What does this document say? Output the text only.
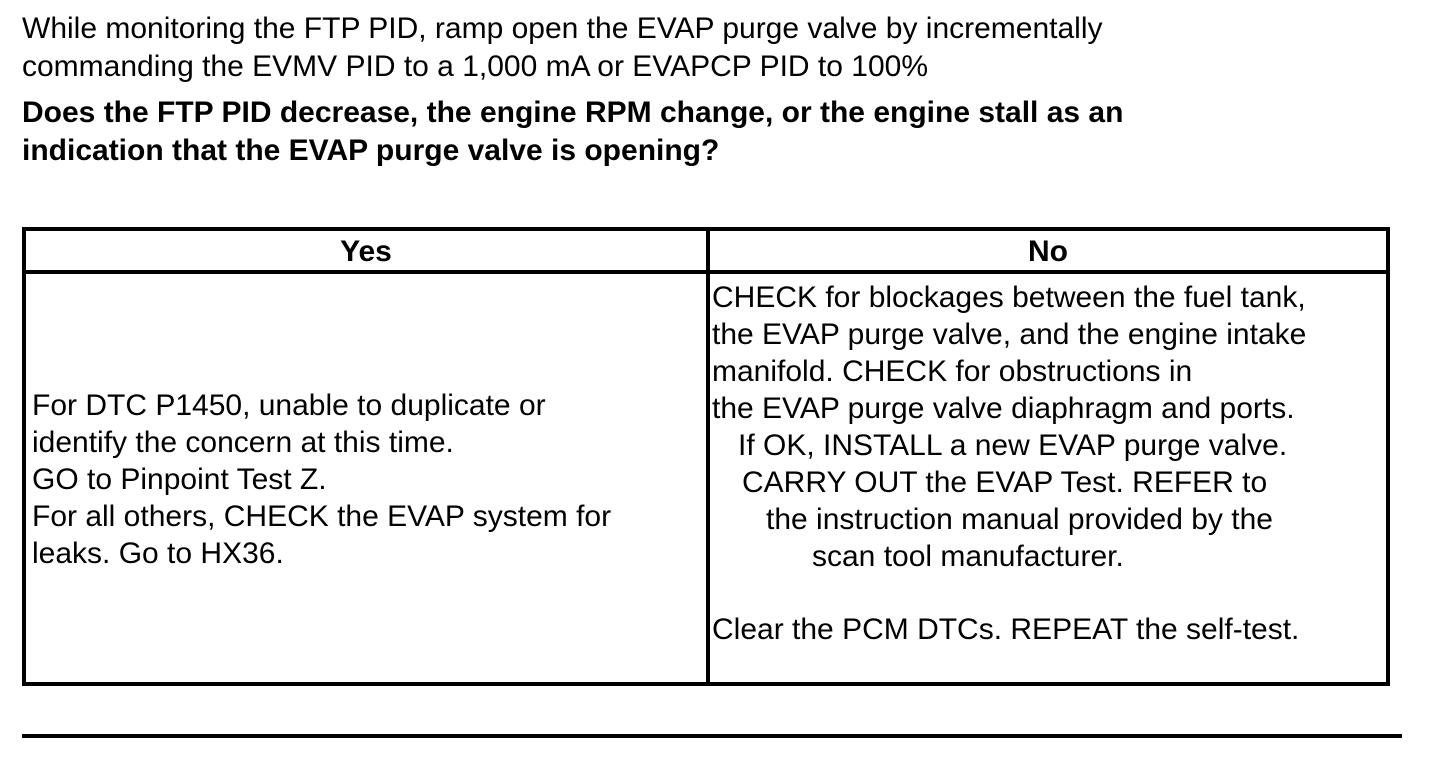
While monitoring the FTP PID, ramp open the EVAP purge valve by incrementally
commanding the EVMV PID to a 1,000 mA or EVAPCP PID to 100%
Does the FTP PID decrease, the engine RPM change, or the engine stall as an
indication that the EVAP purge valve is opening?
Yes	No
For DTC P1450, unable to duplicate or
identify the concern at this time.
GO to Pinpoint Test Z.
For all others, CHECK the EVAP system for
leaks. Go to HX36.
CHECK for blockages between the fuel tank,
the EVAP purge valve, and the engine intake
manifold. CHECK for obstructions in
the EVAP purge valve diaphragm and ports.
If OK, INSTALL a new EVAP purge valve.
CARRY OUT the EVAP Test. REFER to
the instruction manual provided by the
scan tool manufacturer.
Clear the PCM DTCs. REPEAT the self-test.
